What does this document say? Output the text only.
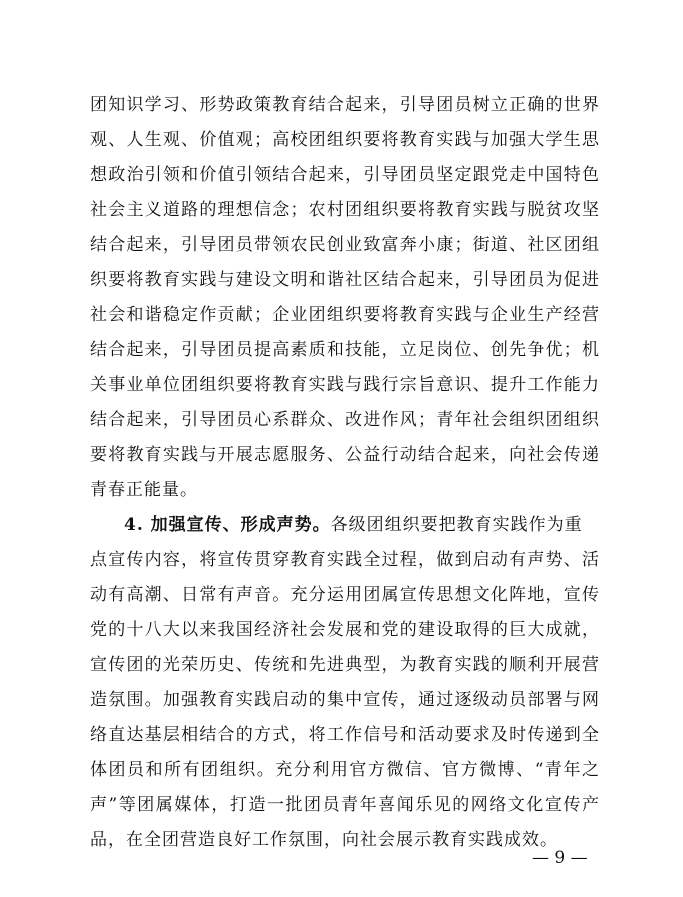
团知识学习、形势政策教育结合起来，引导团员树立正确的世界
观、人生观、价值观；高校团组织要将教育实践与加强大学生思
想政治引领和价值引领结合起来，引导团员坚定跟党走中国特色
社会主义道路的理想信念；农村团组织要将教育实践与脱贫攻坚
结合起来，引导团员带领农民创业致富奔小康；街道、社区团组
织要将教育实践与建设文明和谐社区结合起来，引导团员为促进
社会和谐稳定作贡献；企业团组织要将教育实践与企业生产经营
结合起来，引导团员提高素质和技能，立足岗位、创先争优；机
关事业单位团组织要将教育实践与践行宗旨意识、提升工作能力
结合起来，引导团员心系群众、改进作风；青年社会组织团组织
要将教育实践与开展志愿服务、公益行动结合起来，向社会传递
青春正能量。
4. 加强宣传、形成声势。各级团组织要把教育实践作为重
点宣传内容，将宣传贯穿教育实践全过程，做到启动有声势、活
动有高潮、日常有声音。充分运用团属宣传思想文化阵地，宣传
党的十八大以来我国经济社会发展和党的建设取得的巨大成就，
宣传团的光荣历史、传统和先进典型，为教育实践的顺利开展营
造氛围。加强教育实践启动的集中宣传，通过逐级动员部署与网
络直达基层相结合的方式，将工作信号和活动要求及时传递到全
体团员和所有团组织。充分利用官方微信、官方微博、“青年之
声”等团属媒体，打造一批团员青年喜闻乐见的网络文化宣传产
品，在全团营造良好工作氛围，向社会展示教育实践成效。
— 9 —
